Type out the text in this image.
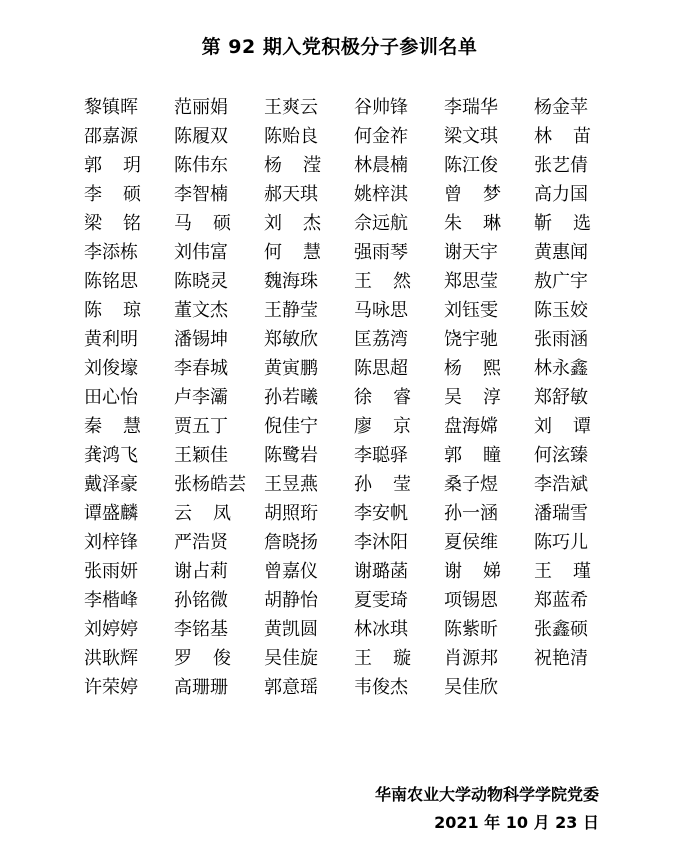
第 92 期入党积极分子参训名单
黎镇晖	范丽娟	王爽云	谷帅锋	李瑞华	杨金苹
邵嘉源	陈履双	陈贻良	何金祚	梁文琪	林苗
郭玥 陈伟东	杨滢 林晨楠	陈江俊	张艺倩
李硕 李智楠	郝天琪	姚梓淇	曾梦 高力国
梁铭 马硕 刘杰 佘远航	朱琳 靳选
李添栋	刘伟富	何慧 强雨琴	谢天宇	黄惠闻
陈铭思	陈晓灵	魏海珠	王然 郑思莹	敖广宇
陈琼 董文杰	王静莹	马咏思	刘钰雯	陈玉姣
黄利明	潘锡坤	郑敏欣	匡荔湾	饶宇驰	张雨涵
刘俊壕	李春城	黄寅鹏	陈思超	杨熙 林永鑫
田心怡	卢李灞	孙若曦	徐睿 吴淳 郑舒敏
秦慧 贾五丁	倪佳宁	廖京 盘海嫦	刘谭
龚鸿飞	王颖佳	陈鹭岩	李聪驿	郭瞳 何泫臻
戴泽豪	张杨皓芸	王昱燕	孙莹 桑子煜	李浩斌
谭盛麟	云凤 胡照珩	李安帆	孙一涵	潘瑞雪
刘梓锋	严浩贤	詹晓扬	李沐阳	夏侯维	陈巧儿
张雨妍	谢占莉	曾嘉仪	谢璐菡	谢娣 王瑾
李楷峰	孙铭微	胡静怡	夏雯琦	项锡恩	郑蓝希
刘婷婷	李铭基	黄凯圆	林冰琪	陈紫昕	张鑫硕
洪耿辉	罗俊 吴佳旋	王璇 肖源邦	祝艳清
许荣婷	高珊珊	郭意瑶	韦俊杰	吴佳欣
华南农业大学动物科学学院党委
2021 年 10 月 23 日
